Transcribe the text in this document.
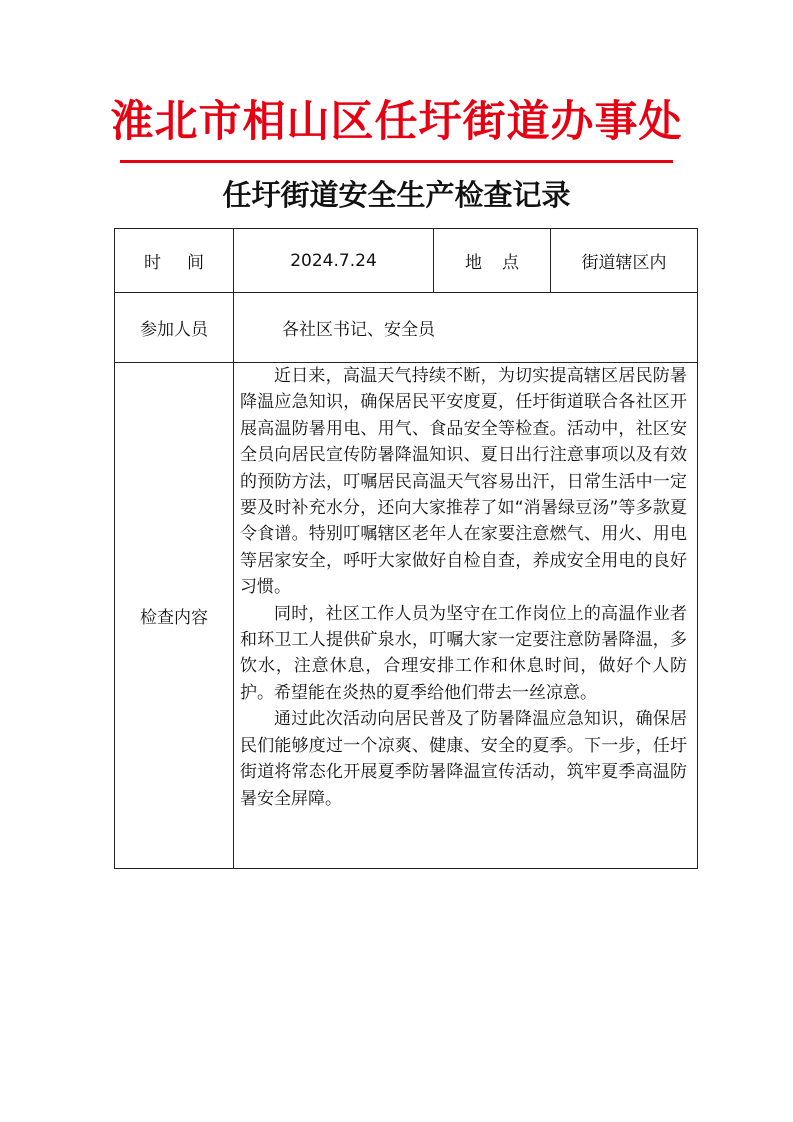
淮北市相山区任圩街道办事处
任圩街道安全生产检查记录
时间	2024.7.24	地点	街道辖区内
参加人员	各社区书记、安全员		
检查内容	近日来，高温天气持续不断，为切实提高辖区居民防暑降温应急知识，确保居民平安度夏，任圩街道联合各社区开展高温防暑用电、用气、食品安全等检查。活动中，社区安全员向居民宣传防暑降温知识、夏日出行注意事项以及有效的预防方法，叮嘱居民高温天气容易出汗，日常生活中一定要及时补充水分，还向大家推荐了如“消暑绿豆汤”等多款夏令食谱。特别叮嘱辖区老年人在家要注意燃气、用火、用电等居家安全，呼吁大家做好自检自查，养成安全用电的良好习惯。

同时，社区工作人员为坚守在工作岗位上的高温作业者和环卫工人提供矿泉水，叮嘱大家一定要注意防暑降温，多饮水，注意休息，合理安排工作和休息时间，做好个人防护。希望能在炎热的夏季给他们带去一丝凉意。

通过此次活动向居民普及了防暑降温应急知识，确保居民们能够度过一个凉爽、健康、安全的夏季。下一步，任圩街道将常态化开展夏季防暑降温宣传活动，筑牢夏季高温防暑安全屏障。		
